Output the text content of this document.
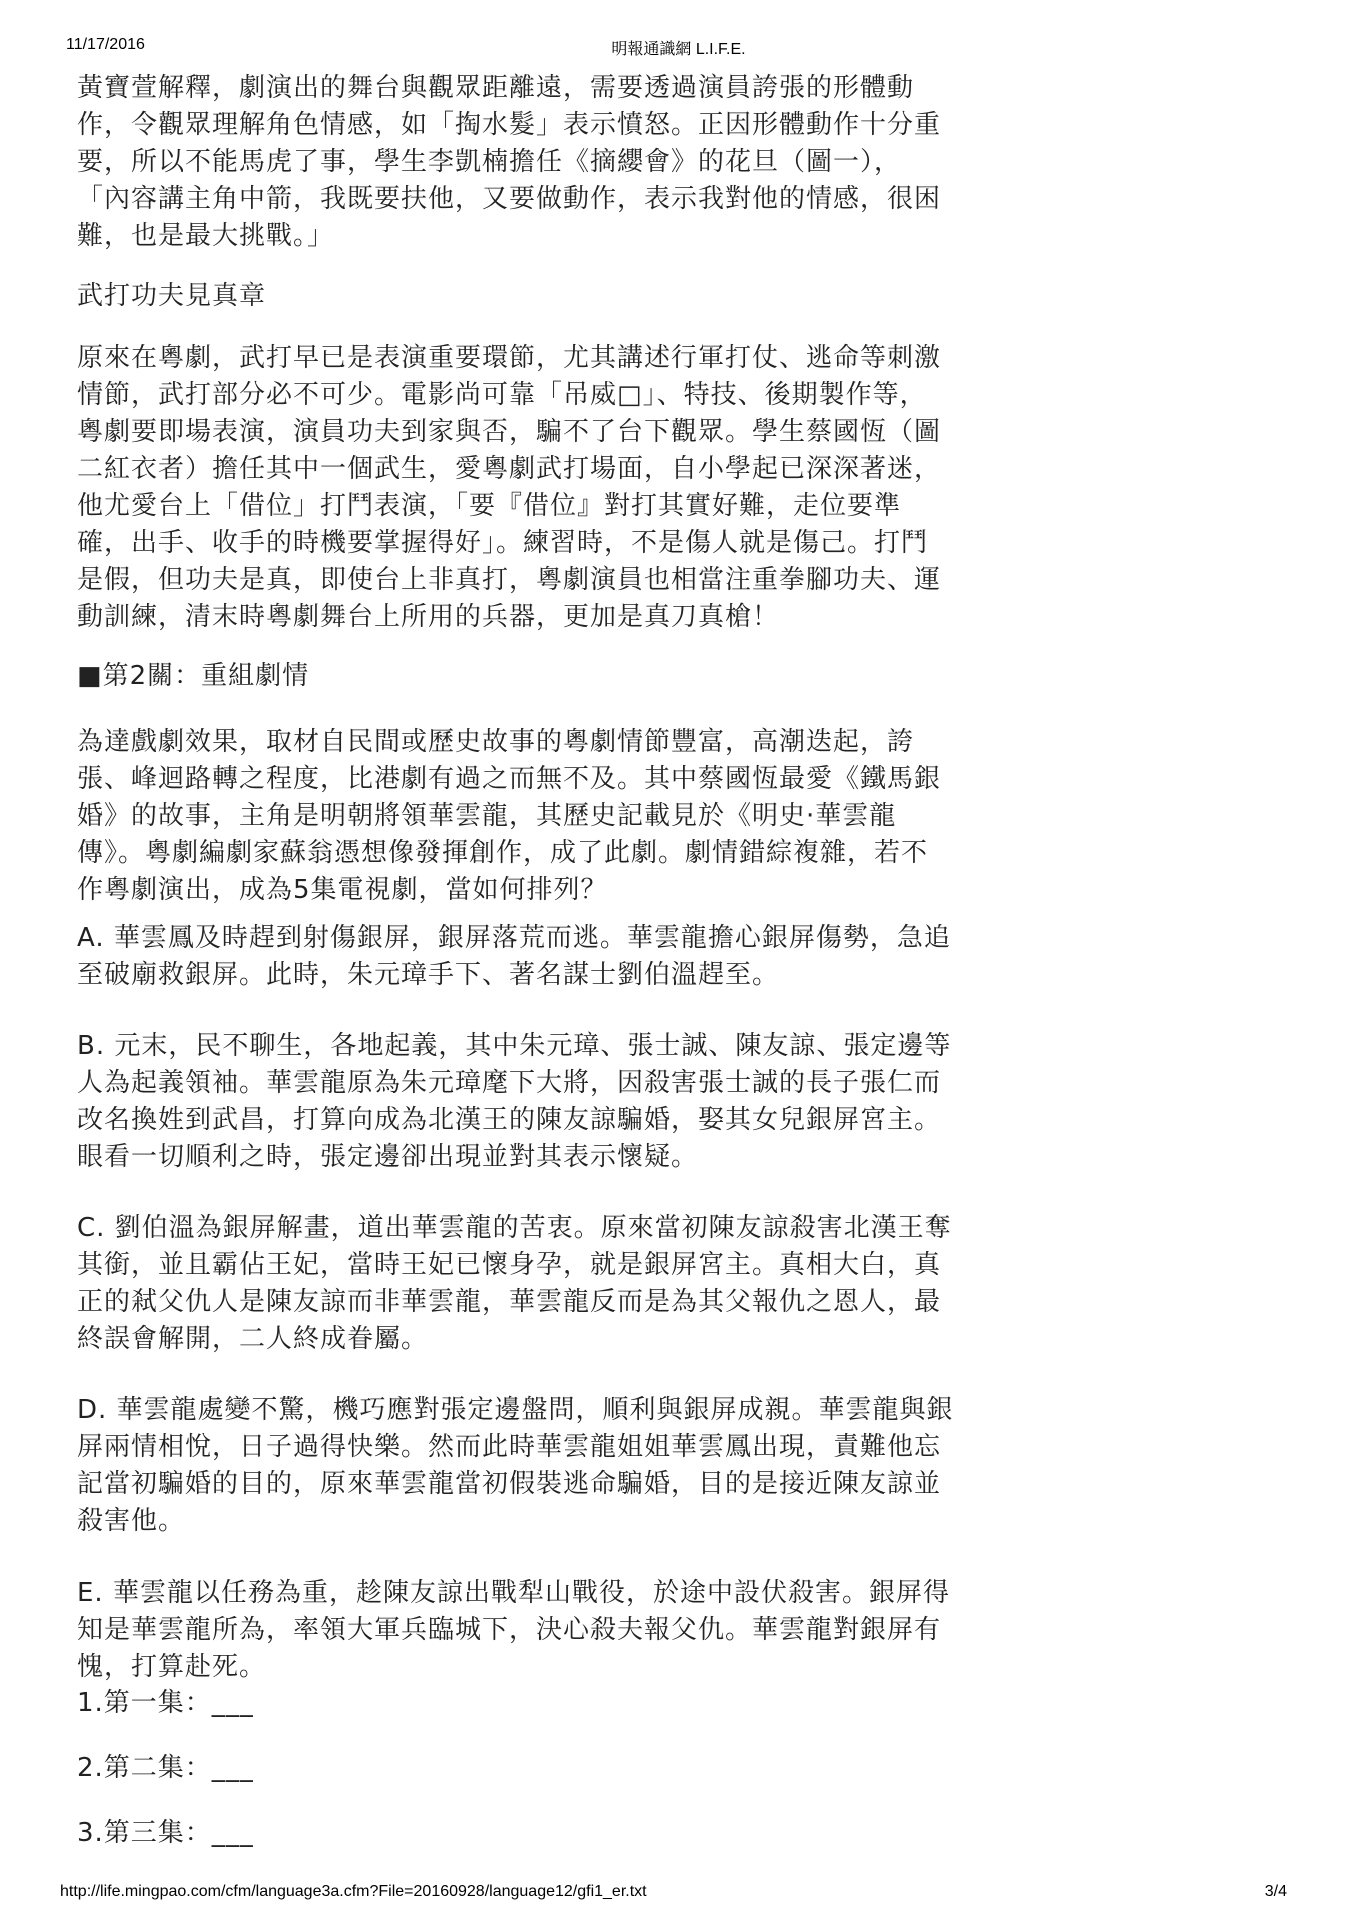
11/17/2016	明報通識網 L.I.F.E.

黃寶萱解釋，劇演出的舞台與觀眾距離遠，需要透過演員誇張的形體動
作，令觀眾理解角色情感，如「掏水髮」表示憤怒。正因形體動作十分重
要，所以不能馬虎了事，學生李凱楠擔任《摘纓會》的花旦（圖一），
「內容講主角中箭，我既要扶他，又要做動作，表示我對他的情感，很困
難，也是最大挑戰。」

武打功夫見真章

原來在粵劇，武打早已是表演重要環節，尤其講述行軍打仗、逃命等刺激
情節，武打部分必不可少。電影尚可靠「吊威□」、特技、後期製作等，
粵劇要即場表演，演員功夫到家與否，騙不了台下觀眾。學生蔡國恆（圖
二紅衣者）擔任其中一個武生，愛粵劇武打場面，自小學起已深深著迷，
他尤愛台上「借位」打鬥表演，「要『借位』對打其實好難，走位要準
確，出手、收手的時機要掌握得好」。練習時，不是傷人就是傷己。打鬥
是假，但功夫是真，即使台上非真打，粵劇演員也相當注重拳腳功夫、運
動訓練，清末時粵劇舞台上所用的兵器，更加是真刀真槍！

■第2關：重組劇情

為達戲劇效果，取材自民間或歷史故事的粵劇情節豐富，高潮迭起，誇
張、峰迴路轉之程度，比港劇有過之而無不及。其中蔡國恆最愛《鐵馬銀
婚》的故事，主角是明朝將領華雲龍，其歷史記載見於《明史·華雲龍
傳》。粵劇編劇家蘇翁憑想像發揮創作，成了此劇。劇情錯綜複雜，若不
作粵劇演出，成為5集電視劇，當如何排列？

A. 華雲鳳及時趕到射傷銀屏，銀屏落荒而逃。華雲龍擔心銀屏傷勢，急追
至破廟救銀屏。此時，朱元璋手下、著名謀士劉伯溫趕至。

B. 元末，民不聊生，各地起義，其中朱元璋、張士誠、陳友諒、張定邊等
人為起義領袖。華雲龍原為朱元璋麾下大將，因殺害張士誠的長子張仁而
改名換姓到武昌，打算向成為北漢王的陳友諒騙婚，娶其女兒銀屏宮主。
眼看一切順利之時，張定邊卻出現並對其表示懷疑。

C. 劉伯溫為銀屏解畫，道出華雲龍的苦衷。原來當初陳友諒殺害北漢王奪
其銜，並且霸佔王妃，當時王妃已懷身孕，就是銀屏宮主。真相大白，真
正的弒父仇人是陳友諒而非華雲龍，華雲龍反而是為其父報仇之恩人，最
終誤會解開，二人終成眷屬。

D. 華雲龍處變不驚，機巧應對張定邊盤問，順利與銀屏成親。華雲龍與銀
屏兩情相悅，日子過得快樂。然而此時華雲龍姐姐華雲鳳出現，責難他忘
記當初騙婚的目的，原來華雲龍當初假裝逃命騙婚，目的是接近陳友諒並
殺害他。

E. 華雲龍以任務為重，趁陳友諒出戰犁山戰役，於途中設伏殺害。銀屏得
知是華雲龍所為，率領大軍兵臨城下，決心殺夫報父仇。華雲龍對銀屏有
愧，打算赴死。

1.第一集：___

2.第二集：___

3.第三集：___

http://life.mingpao.com/cfm/language3a.cfm?File=20160928/language12/gfi1_er.txt	3/4
